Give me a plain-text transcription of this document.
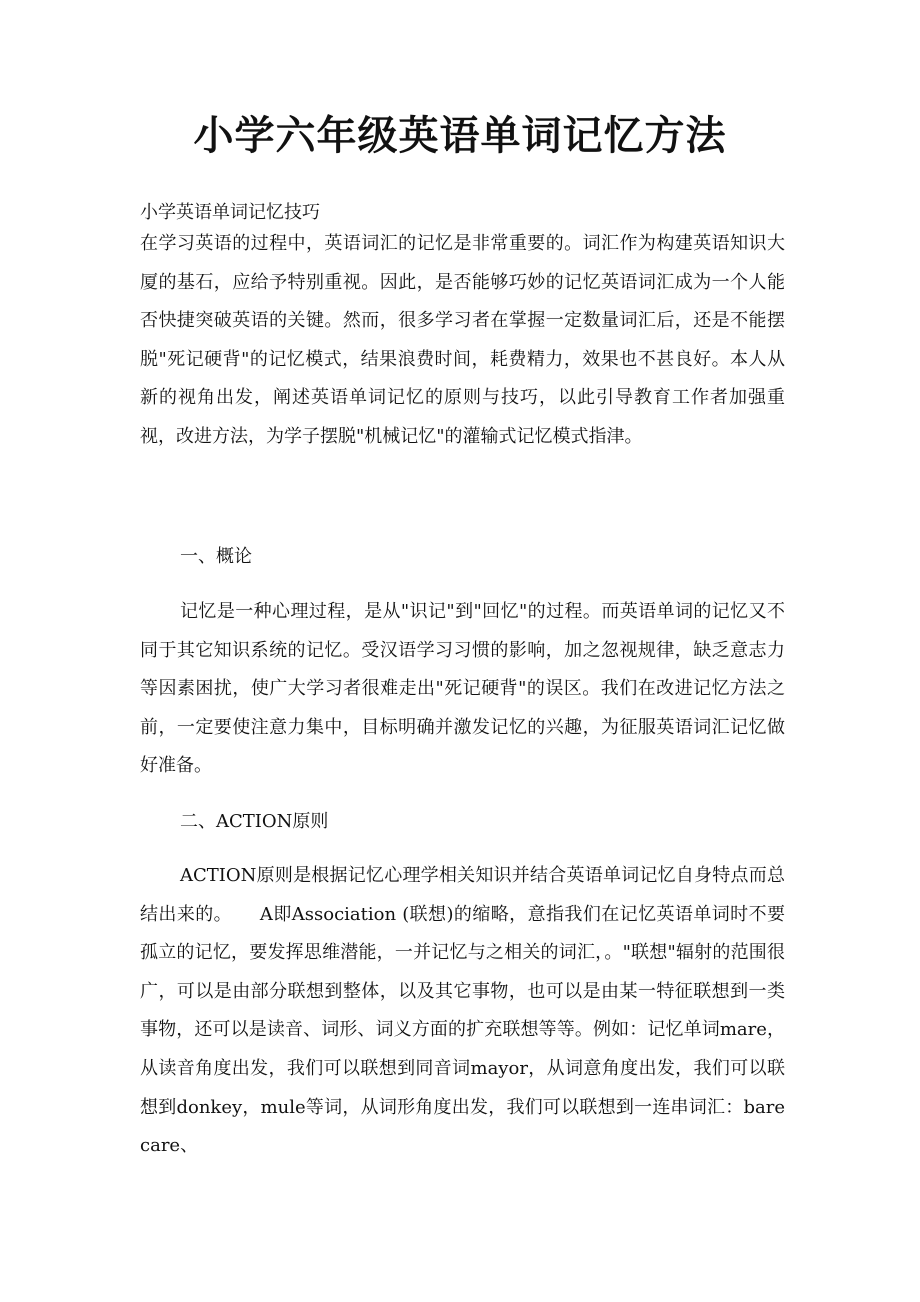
小学六年级英语单词记忆方法

小学英语单词记忆技巧

在学习英语的过程中，英语词汇的记忆是非常重要的。词汇作为构建英语知识大厦的基石，应给予特别重视。因此，是否能够巧妙的记忆英语词汇成为一个人能否快捷突破英语的关键。然而，很多学习者在掌握一定数量词汇后，还是不能摆脱"死记硬背"的记忆模式，结果浪费时间，耗费精力，效果也不甚良好。本人从新的视角出发，阐述英语单词记忆的原则与技巧，以此引导教育工作者加强重视，改进方法，为学子摆脱"机械记忆"的灌输式记忆模式指津。

一、概论

记忆是一种心理过程，是从"识记"到"回忆"的过程。而英语单词的记忆又不同于其它知识系统的记忆。受汉语学习习惯的影响，加之忽视规律，缺乏意志力等因素困扰，使广大学习者很难走出"死记硬背"的误区。我们在改进记忆方法之前，一定要使注意力集中，目标明确并激发记忆的兴趣，为征服英语词汇记忆做好准备。

二、ACTION原则

ACTION原则是根据记忆心理学相关知识并结合英语单词记忆自身特点而总结出来的。　　A即Association (联想)的缩略，意指我们在记忆英语单词时不要孤立的记忆，要发挥思维潜能，一并记忆与之相关的词汇，。"联想"辐射的范围很广，可以是由部分联想到整体，以及其它事物，也可以是由某一特征联想到一类事物，还可以是读音、词形、词义方面的扩充联想等等。例如：记忆单词mare，从读音角度出发，我们可以联想到同音词mayor，从词意角度出发，我们可以联想到donkey，mule等词，从词形角度出发，我们可以联想到一连串词汇：bare care、
